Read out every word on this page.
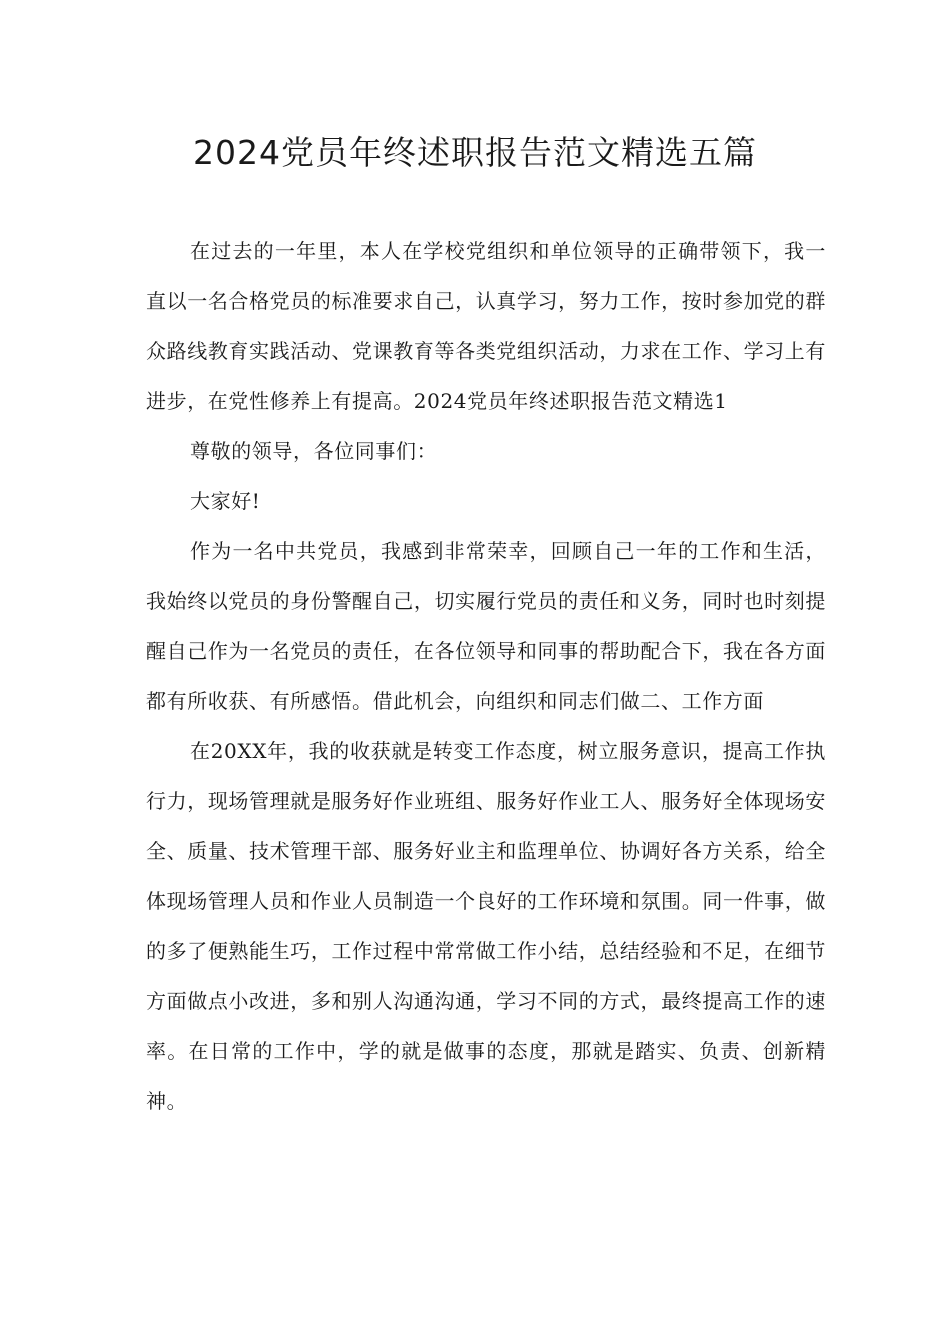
2024党员年终述职报告范文精选五篇

在过去的一年里，本人在学校党组织和单位领导的正确带领下，我一直以一名合格党员的标准要求自己，认真学习，努力工作，按时参加党的群众路线教育实践活动、党课教育等各类党组织活动，力求在工作、学习上有进步，在党性修养上有提高。2024党员年终述职报告范文精选1

尊敬的领导，各位同事们：

大家好!

作为一名中共党员，我感到非常荣幸，回顾自己一年的工作和生活，我始终以党员的身份警醒自己，切实履行党员的责任和义务，同时也时刻提醒自己作为一名党员的责任，在各位领导和同事的帮助配合下，我在各方面都有所收获、有所感悟。借此机会，向组织和同志们做二、工作方面

在20XX年，我的收获就是转变工作态度，树立服务意识，提高工作执行力，现场管理就是服务好作业班组、服务好作业工人、服务好全体现场安全、质量、技术管理干部、服务好业主和监理单位、协调好各方关系，给全体现场管理人员和作业人员制造一个良好的工作环境和氛围。同一件事，做的多了便熟能生巧，工作过程中常常做工作小结，总结经验和不足，在细节方面做点小改进，多和别人沟通沟通，学习不同的方式，最终提高工作的速率。在日常的工作中，学的就是做事的态度，那就是踏实、负责、创新精神。
